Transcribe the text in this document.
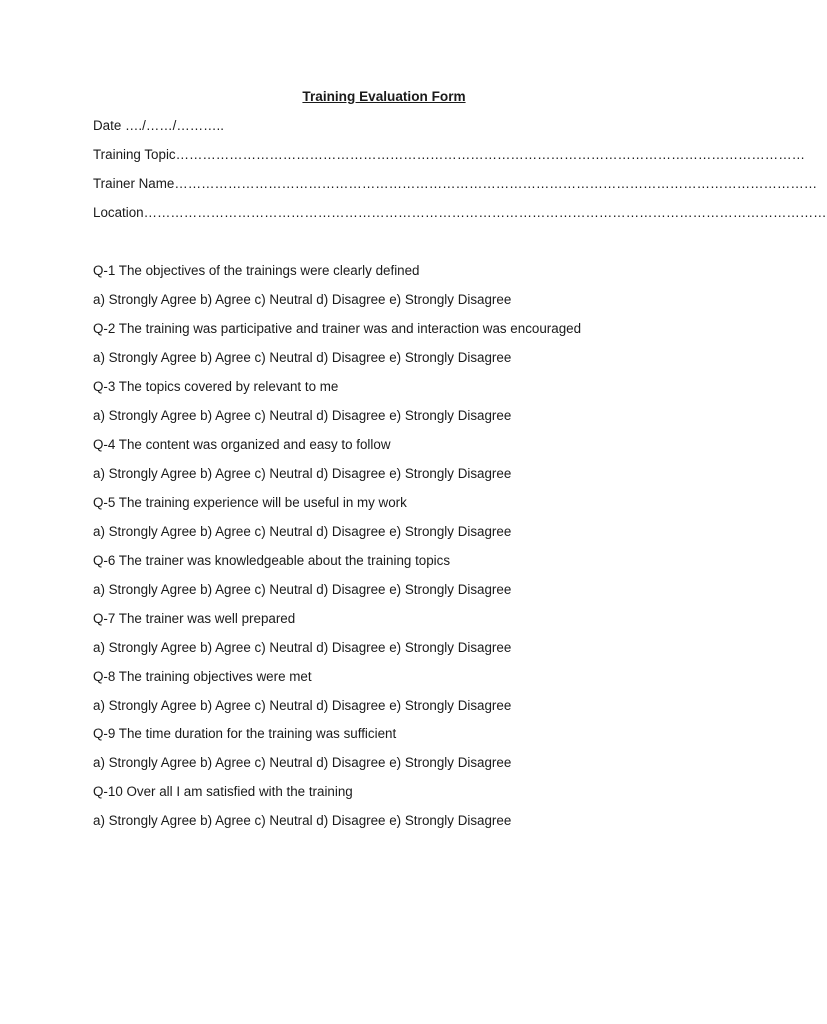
Training Evaluation Form
Date …./……/………..
Training Topic……………………………………………………………………………………………………………………………
Trainer Name………………………………………………………………………………………………………………………………
Location………………………………………………………………………………………………………………………………………
Q-1 The objectives of the trainings were clearly defined
a) Strongly Agree b) Agree c) Neutral d) Disagree e) Strongly Disagree
Q-2 The training was participative and trainer was and interaction was encouraged
a) Strongly Agree b) Agree c) Neutral d) Disagree e) Strongly Disagree
Q-3 The topics covered by relevant to me
a) Strongly Agree b) Agree c) Neutral d) Disagree e) Strongly Disagree
Q-4 The content was organized and easy to follow
a) Strongly Agree b) Agree c) Neutral d) Disagree e) Strongly Disagree
Q-5 The training experience will be useful in my work
a) Strongly Agree b) Agree c) Neutral d) Disagree e) Strongly Disagree
Q-6 The trainer was knowledgeable about the training topics
a) Strongly Agree b) Agree c) Neutral d) Disagree e) Strongly Disagree
Q-7 The trainer was well prepared
a) Strongly Agree b) Agree c) Neutral d) Disagree e) Strongly Disagree
Q-8 The training objectives were met
a) Strongly Agree b) Agree c) Neutral d) Disagree e) Strongly Disagree
Q-9 The time duration for the training was sufficient
a) Strongly Agree b) Agree c) Neutral d) Disagree e) Strongly Disagree
Q-10 Over all I am satisfied with the training
a) Strongly Agree b) Agree c) Neutral d) Disagree e) Strongly Disagree
